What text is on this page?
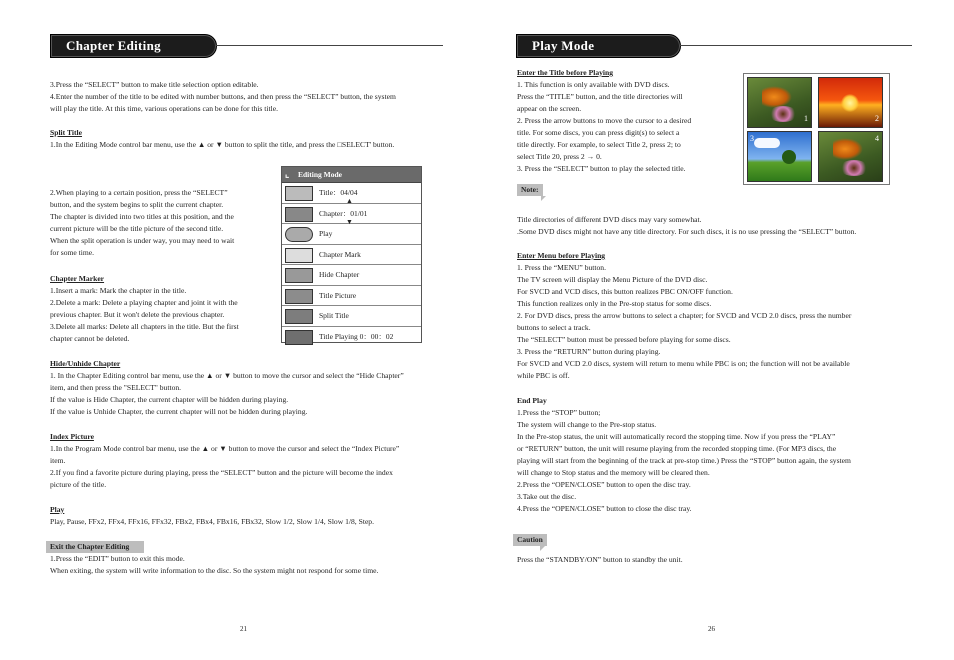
Chapter Editing
3.Press the “SELECT” button to make title selection option editable.
4.Enter the number of the title to be edited with number buttons, and then press the “SELECT” button, the system
will play the title. At this time, various operations can be done for this title.
Split Title
1.In the Editing Mode control bar menu, use the ▲ or ▼ button to split the title, and press the □SELECT' button.
2.When playing to a certain position, press the “SELECT”
button, and the system begins to split the current chapter.
The chapter is divided into two titles at this position, and the
current picture will be the title picture of the second title.
When the split operation is under way, you may need to wait
for some time.
Chapter Marker
1.Insert a mark: Mark the chapter in the title.
2.Delete a mark: Delete a playing chapter and joint it with the
previous chapter. But it won't delete the previous chapter.
3.Delete all marks: Delete all chapters in the title. But the first
chapter cannot be deleted.
⌞ Editing Mode
Title：04/04
▲
Chapter：01/01
▼
Play
Chapter Mark
Hide Chapter
Title Picture
Split Title
Title Playing 0：00：02
Hide/Unhide Chapter
1. In the Chapter Editing control bar menu, use the ▲ or ▼ button to move the cursor and select the “Hide Chapter”
item, and then press the "SELECT" button.
If the value is Hide Chapter, the current chapter will be hidden during playing.
If the value is Unhide Chapter, the current chapter will not be hidden during playing.
Index Picture
1.In the Program Mode control bar menu, use the ▲ or ▼ button to move the cursor and select the “Index Picture”
item.
2.If you find a favorite picture during playing, press the “SELECT” button and the picture will become the index
picture of the title.
Play
Play, Pause, FFx2, FFx4, FFx16, FFx32, FBx2, FBx4, FBx16, FBx32, Slow 1/2, Slow 1/4, Slow 1/8, Step.
Exit the Chapter Editing
1.Press the “EDIT” button to exit this mode.
When exiting, the system will write information to the disc. So the system might not respond for some time.
21
Play Mode
Enter the Title before Playing
1. This function is only available with DVD discs.
Press the “TITLE” button, and the title directories will
appear on the screen.
2. Press the arrow buttons to move the cursor to a desired
title. For some discs, you can press digit(s) to select a
title directly. For example, to select Title 2, press 2; to
select Title 20, press 2 → 0.
3. Press the “SELECT” button to play the selected title.
1	2
3	4
Note:
Title directories of different DVD discs may vary somewhat.
.Some DVD discs might not have any title directory. For such discs, it is no use pressing the “SELECT” button.
Enter Menu before Playing
1. Press the “MENU” button.
The TV screen will display the Menu Picture of the DVD disc.
For SVCD and VCD discs, this button realizes PBC ON/OFF function.
This function realizes only in the Pre-stop status for some discs.
2. For DVD discs, press the arrow buttons to select a chapter; for SVCD and VCD 2.0 discs, press the number
buttons to select a track.
The “SELECT” button must be pressed before playing for some discs.
3. Press the “RETURN” button during playing.
For SVCD and VCD 2.0 discs, system will return to menu while PBC is on; the function will not be available
while PBC is off.
End Play
1.Press the “STOP” button;
The system will change to the Pre-stop status.
In the Pre-stop status, the unit will automatically record the stopping time. Now if you press the “PLAY”
or “RETURN” button, the unit will resume playing from the recorded stopping time. (For MP3 discs, the
playing will start from the beginning of the track at pre-stop time.) Press the “STOP” button again, the system
will change to Stop status and the memory will be cleared then.
2.Press the “OPEN/CLOSE” button to open the disc tray.
3.Take out the disc.
4.Press the “OPEN/CLOSE” button to close the disc tray.
Caution
Press the “STANDBY/ON” button to standby the unit.
26
